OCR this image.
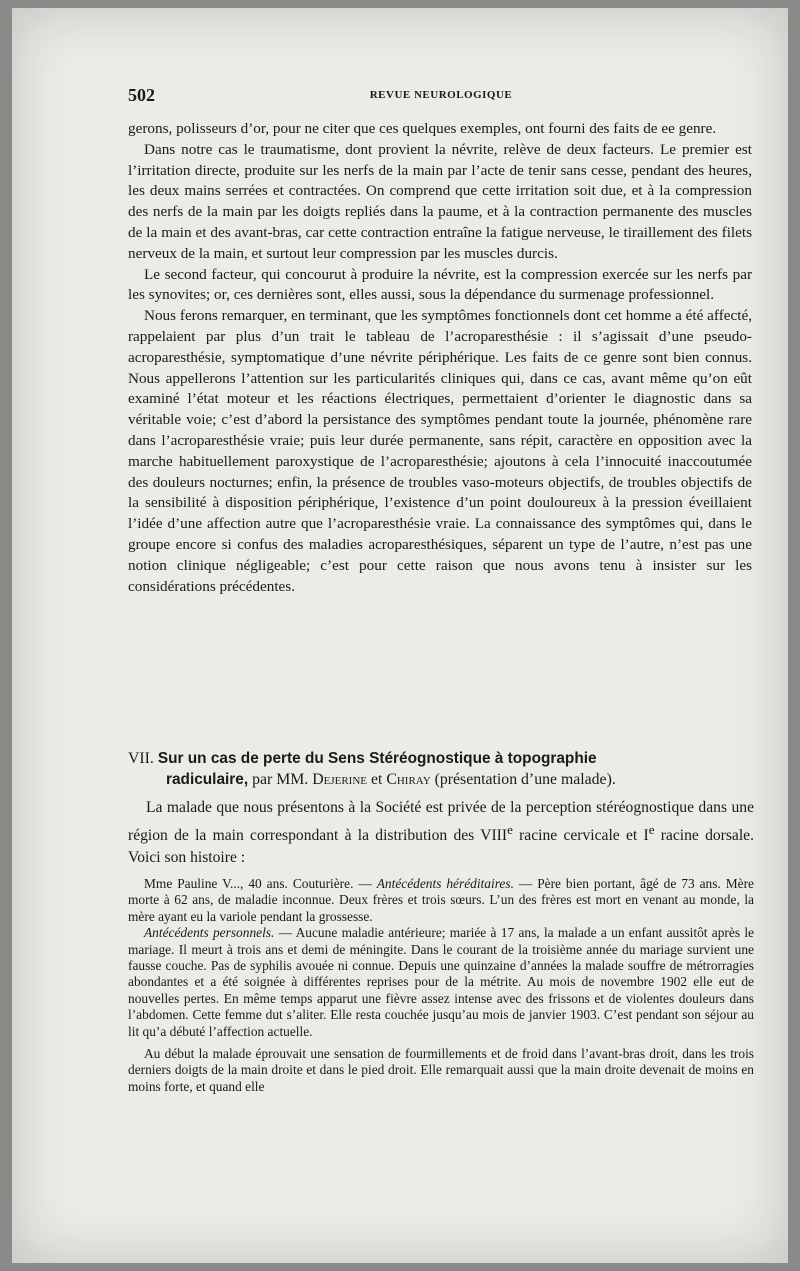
502	REVUE NEUROLOGIQUE

gerons, polisseurs d’or, pour ne citer que ces quelques exemples, ont fourni des faits de ee genre.

Dans notre cas le traumatisme, dont provient la névrite, relève de deux facteurs. Le premier est l’irritation directe, produite sur les nerfs de la main par l’acte de tenir sans cesse, pendant des heures, les deux mains serrées et contractées. On comprend que cette irritation soit due, et à la compression des nerfs de la main par les doigts repliés dans la paume, et à la contraction permanente des muscles de la main et des avant-bras, car cette contraction entraîne la fatigue nerveuse, le tiraillement des filets nerveux de la main, et surtout leur compression par les muscles durcis.

Le second facteur, qui concourut à produire la névrite, est la compression exercée sur les nerfs par les synovites; or, ces dernières sont, elles aussi, sous la dépendance du surmenage professionnel.

Nous ferons remarquer, en terminant, que les symptômes fonctionnels dont cet homme a été affecté, rappelaient par plus d’un trait le tableau de l’acroparesthésie : il s’agissait d’une pseudo-acroparesthésie, symptomatique d’une névrite périphérique. Les faits de ce genre sont bien connus. Nous appellerons l’attention sur les particularités cliniques qui, dans ce cas, avant même qu’on eût examiné l’état moteur et les réactions électriques, permettaient d’orienter le diagnostic dans sa véritable voie; c’est d’abord la persistance des symptômes pendant toute la journée, phénomène rare dans l’acroparesthésie vraie; puis leur durée permanente, sans répit, caractère en opposition avec la marche habituellement paroxystique de l’acroparesthésie; ajoutons à cela l’innocuité inaccoutumée des douleurs nocturnes; enfin, la présence de troubles vaso-moteurs objectifs, de troubles objectifs de la sensibilité à disposition périphérique, l’existence d’un point douloureux à la pression éveillaient l’idée d’une affection autre que l’acroparesthésie vraie. La connaissance des symptômes qui, dans le groupe encore si confus des maladies acroparesthésiques, séparent un type de l’autre, n’est pas une notion clinique négligeable; c’est pour cette raison que nous avons tenu à insister sur les considérations précédentes.

VII. Sur un cas de perte du Sens Stéréognostique à topographie
radiculaire, par MM. Dejerine et Chiray (présentation d’une malade).

La malade que nous présentons à la Société est privée de la perception stéréognostique dans une région de la main correspondant à la distribution des VIIIe racine cervicale et Ie racine dorsale. Voici son histoire :

Mme Pauline V..., 40 ans. Couturière. — Antécédents héréditaires. — Père bien portant, âgé de 73 ans. Mère morte à 62 ans, de maladie inconnue. Deux frères et trois sœurs. L’un des frères est mort en venant au monde, la mère ayant eu la variole pendant la grossesse.

Antécédents personnels. — Aucune maladie antérieure; mariée à 17 ans, la malade a un enfant aussitôt après le mariage. Il meurt à trois ans et demi de méningite. Dans le courant de la troisième année du mariage survient une fausse couche. Pas de syphilis avouée ni connue. Depuis une quinzaine d’années la malade souffre de métrorragies abondantes et a été soignée à différentes reprises pour de la métrite. Au mois de novembre 1902 elle eut de nouvelles pertes. En même temps apparut une fièvre assez intense avec des frissons et de violentes douleurs dans l’abdomen. Cette femme dut s’aliter. Elle resta couchée jusqu’au mois de janvier 1903. C’est pendant son séjour au lit qu’a débuté l’affection actuelle.

Au début la malade éprouvait une sensation de fourmillements et de froid dans l’avant-bras droit, dans les trois derniers doigts de la main droite et dans le pied droit. Elle remarquait aussi que la main droite devenait de moins en moins forte, et quand elle
